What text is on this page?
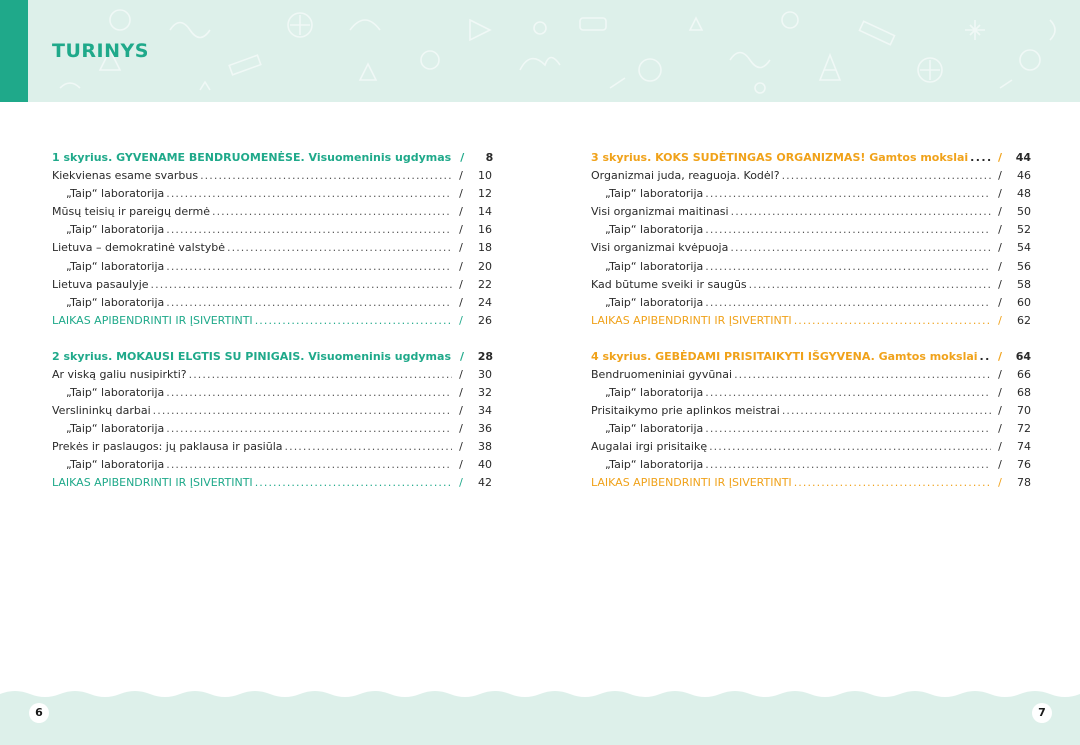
TURINYS
1 skyrius. GYVENAME BENDRUOMENĖSE. Visuomeninis ugdymas /	8
Kiekvienas esame svarbus . . .	/	10
„Taip“ laboratorija . . .	/	12
Mūsų teisių ir pareigų dermė . . .	/	14
„Taip“ laboratorija . . .	/	16
Lietuva – demokratinė valstybė . . .	/	18
„Taip“ laboratorija . . .	/	20
Lietuva pasaulyje . . .	/	22
„Taip“ laboratorija . . .	/	24
LAIKAS APIBENDRINTI IR ĮSIVERTINTI . . .	/	26
2 skyrius. MOKAUSI ELGTIS SU PINIGAIS. Visuomeninis ugdymas /	28
Ar viską galiu nusipirkti? . . .	/	30
„Taip“ laboratorija . . .	/	32
Verslininkų darbai . . .	/	34
„Taip“ laboratorija . . .	/	36
Prekės ir paslaugos: jų paklausa ir pasiūla . . .	/	38
„Taip“ laboratorija . . .	/	40
LAIKAS APIBENDRINTI IR ĮSIVERTINTI . . .	/	42
3 skyrius. KOKS SUDĖTINGAS ORGANIZMAS! Gamtos mokslai . . .	/	44
Organizmai juda, reaguoja. Kodėl? . . .	/	46
„Taip“ laboratorija . . .	/	48
Visi organizmai maitinasi . . .	/	50
„Taip“ laboratorija . . .	/	52
Visi organizmai kvėpuoja . . .	/	54
„Taip“ laboratorija . . .	/	56
Kad būtume sveiki ir saugūs . . .	/	58
„Taip“ laboratorija . . .	/	60
LAIKAS APIBENDRINTI IR ĮSIVERTINTI . . .	/	62
4 skyrius. GEBĖDAMI PRISITAIKYTI IŠGYVENA. Gamtos mokslai . . .	/	64
Bendruomeniniai gyvūnai . . .	/	66
„Taip“ laboratorija . . .	/	68
Prisitaikymo prie aplinkos meistrai . . .	/	70
„Taip“ laboratorija . . .	/	72
Augalai irgi prisitaikę . . .	/	74
„Taip“ laboratorija . . .	/	76
LAIKAS APIBENDRINTI IR ĮSIVERTINTI . . .	/	78
6	7
